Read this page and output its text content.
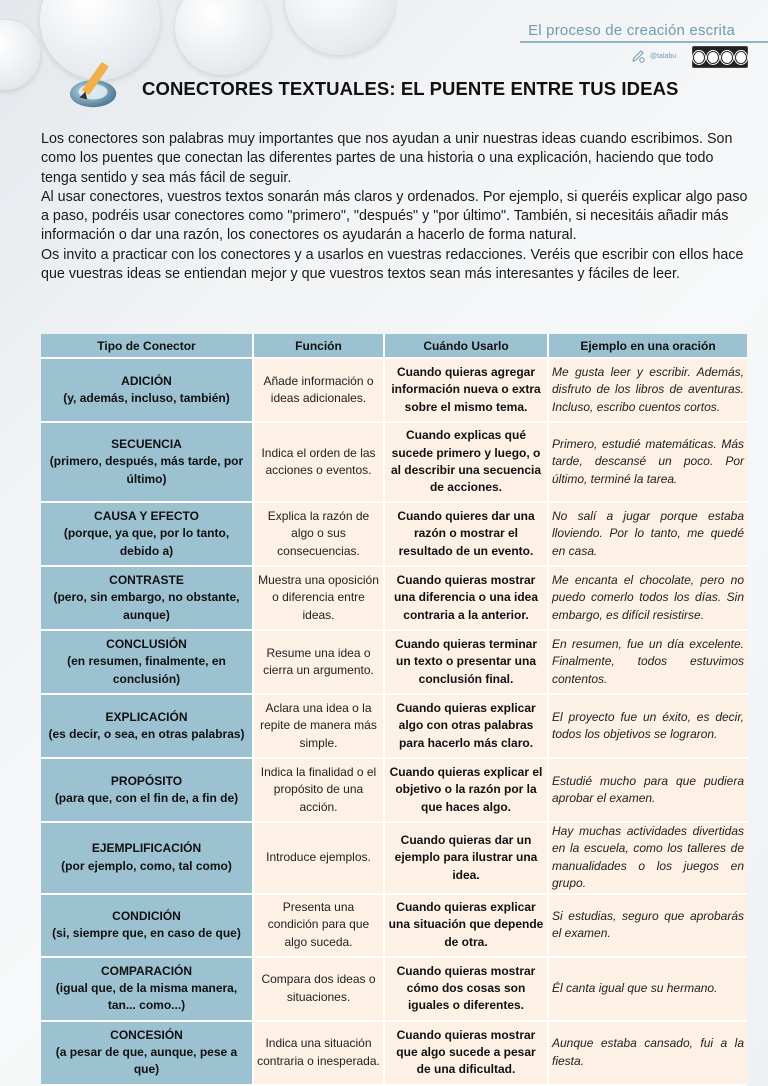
El proceso de creación escrita
@talabu
CONECTORES TEXTUALES: EL PUENTE ENTRE TUS IDEAS

Los conectores son palabras muy importantes que nos ayudan a unir nuestras ideas cuando escribimos. Son como los puentes que conectan las diferentes partes de una historia o una explicación, haciendo que todo tenga sentido y sea más fácil de seguir.

Al usar conectores, vuestros textos sonarán más claros y ordenados. Por ejemplo, si queréis explicar algo paso a paso, podréis usar conectores como "primero", "después" y "por último". También, si necesitáis añadir más información o dar una razón, los conectores os ayudarán a hacerlo de forma natural.

Os invito a practicar con los conectores y a usarlos en vuestras redacciones. Veréis que escribir con ellos hace que vuestras ideas se entiendan mejor y que vuestros textos sean más interesantes y fáciles de leer.

Tipo de Conector	Función	Cuándo Usarlo	Ejemplo en una oración

ADICIÓN
(y, además, incluso, también)	Añade información o ideas adicionales.	Cuando quieras agregar información nueva o extra sobre el mismo tema.	Me gusta leer y escribir. Además, disfruto de los libros de aventuras. Incluso, escribo cuentos cortos.

SECUENCIA
(primero, después, más tarde, por último)	Indica el orden de las acciones o eventos.	Cuando explicas qué sucede primero y luego, o al describir una secuencia de acciones.	Primero, estudié matemáticas. Más tarde, descansé un poco. Por último, terminé la tarea.

CAUSA Y EFECTO
(porque, ya que, por lo tanto, debido a)	Explica la razón de algo o sus consecuencias.	Cuando quieres dar una razón o mostrar el resultado de un evento.	No salí a jugar porque estaba lloviendo. Por lo tanto, me quedé en casa.

CONTRASTE
(pero, sin embargo, no obstante, aunque)	Muestra una oposición o diferencia entre ideas.	Cuando quieras mostrar una diferencia o una idea contraria a la anterior.	Me encanta el chocolate, pero no puedo comerlo todos los días. Sin embargo, es difícil resistirse.

CONCLUSIÓN
(en resumen, finalmente, en conclusión)	Resume una idea o cierra un argumento.	Cuando quieras terminar un texto o presentar una conclusión final.	En resumen, fue un día excelente. Finalmente, todos estuvimos contentos.

EXPLICACIÓN
(es decir, o sea, en otras palabras)	Aclara una idea o la repite de manera más simple.	Cuando quieras explicar algo con otras palabras para hacerlo más claro.	El proyecto fue un éxito, es decir, todos los objetivos se lograron.

PROPÓSITO
(para que, con el fin de, a fin de)	Indica la finalidad o el propósito de una acción.	Cuando quieras explicar el objetivo o la razón por la que haces algo.	Estudié mucho para que pudiera aprobar el examen.

EJEMPLIFICACIÓN
(por ejemplo, como, tal como)	Introduce ejemplos.	Cuando quieras dar un ejemplo para ilustrar una idea.	Hay muchas actividades divertidas en la escuela, como los talleres de manualidades o los juegos en grupo.

CONDICIÓN
(si, siempre que, en caso de que)	Presenta una condición para que algo suceda.	Cuando quieras explicar una situación que depende de otra.	Si estudias, seguro que aprobarás el examen.

COMPARACIÓN
(igual que, de la misma manera, tan... como...)	Compara dos ideas o situaciones.	Cuando quieras mostrar cómo dos cosas son iguales o diferentes.	Él canta igual que su hermano.

CONCESIÓN
(a pesar de que, aunque, pese a que)	Indica una situación contraria o inesperada.	Cuando quieras mostrar que algo sucede a pesar de una dificultad.	Aunque estaba cansado, fui a la fiesta.
